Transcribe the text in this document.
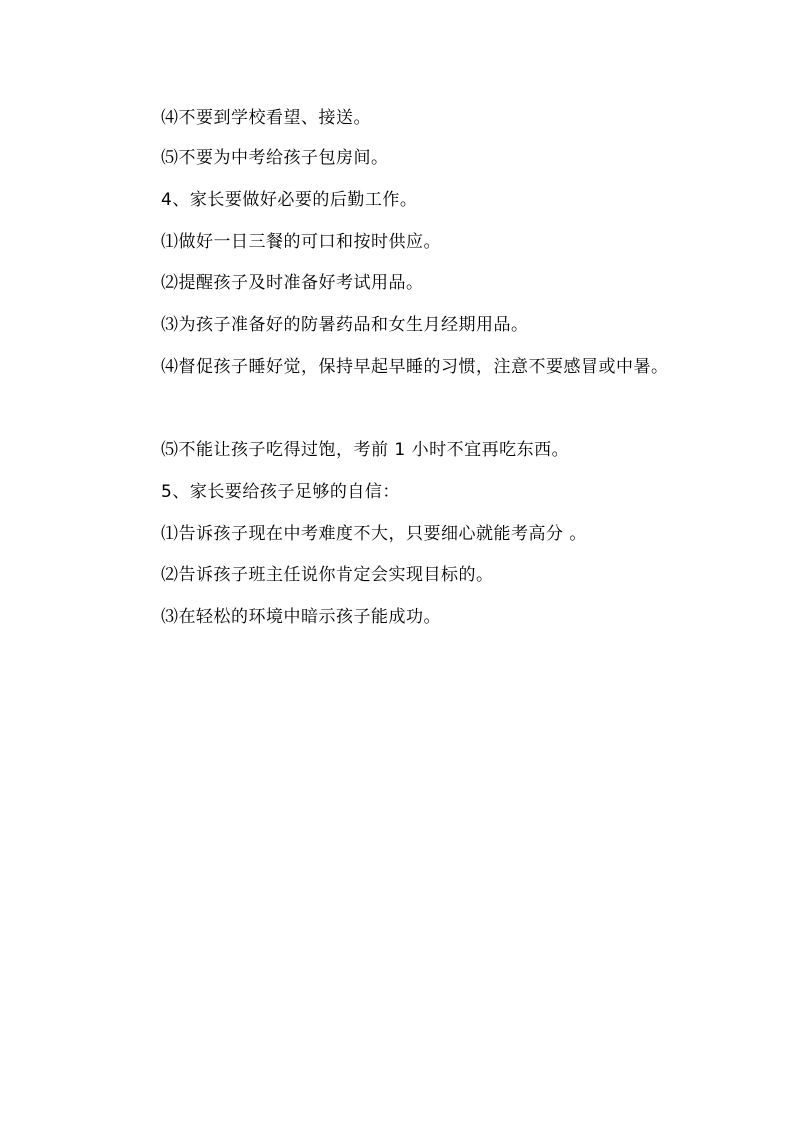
⑷不要到学校看望、接送。

⑸不要为中考给孩子包房间。

4、家长要做好必要的后勤工作。

⑴做好一日三餐的可口和按时供应。

⑵提醒孩子及时准备好考试用品。

⑶为孩子准备好的防暑药品和女生月经期用品。

⑷督促孩子睡好觉，保持早起早睡的习惯，注意不要感冒或中暑。

⑸不能让孩子吃得过饱，考前 1 小时不宜再吃东西。

5、家长要给孩子足够的自信：

⑴告诉孩子现在中考难度不大，只要细心就能考高分 。

⑵告诉孩子班主任说你肯定会实现目标的。

⑶在轻松的环境中暗示孩子能成功。
